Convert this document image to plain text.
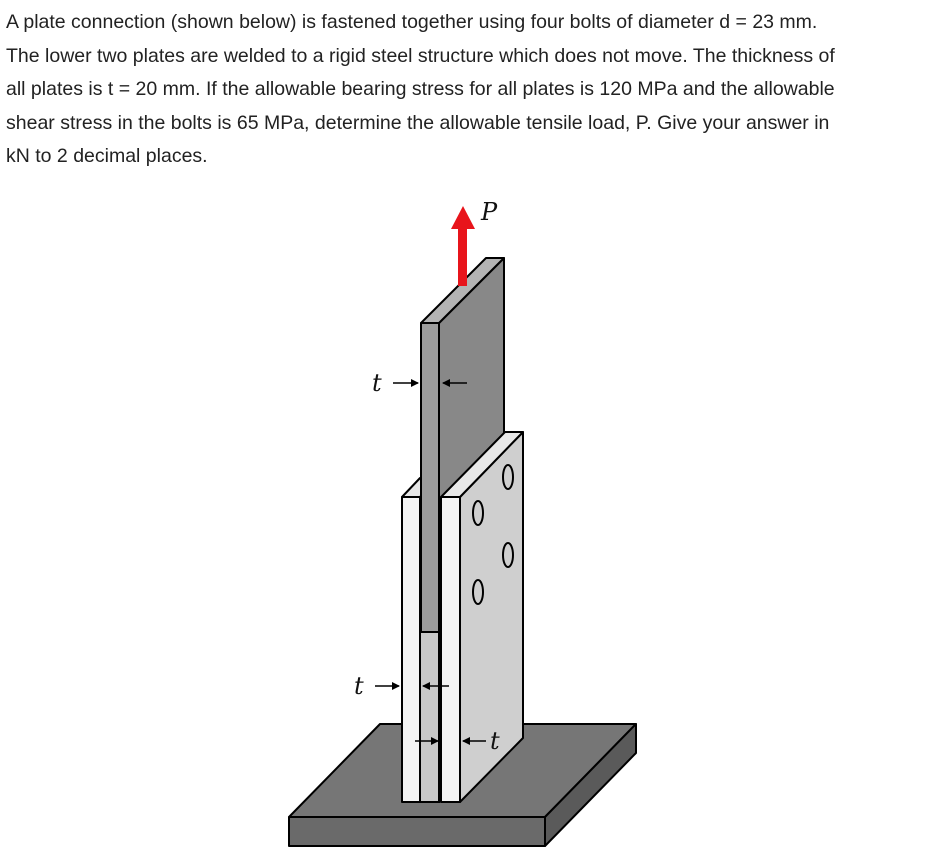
A plate connection (shown below) is fastened together using four bolts of diameter d = 23 mm.

The lower two plates are welded to a rigid steel structure which does not move. The thickness of

all plates is t = 20 mm. If the allowable bearing stress for all plates is 120 MPa and the allowable

shear stress in the bolts is 65 MPa, determine the allowable tensile load, P. Give your answer in

kN to 2 decimal places.

P
t
t
t
